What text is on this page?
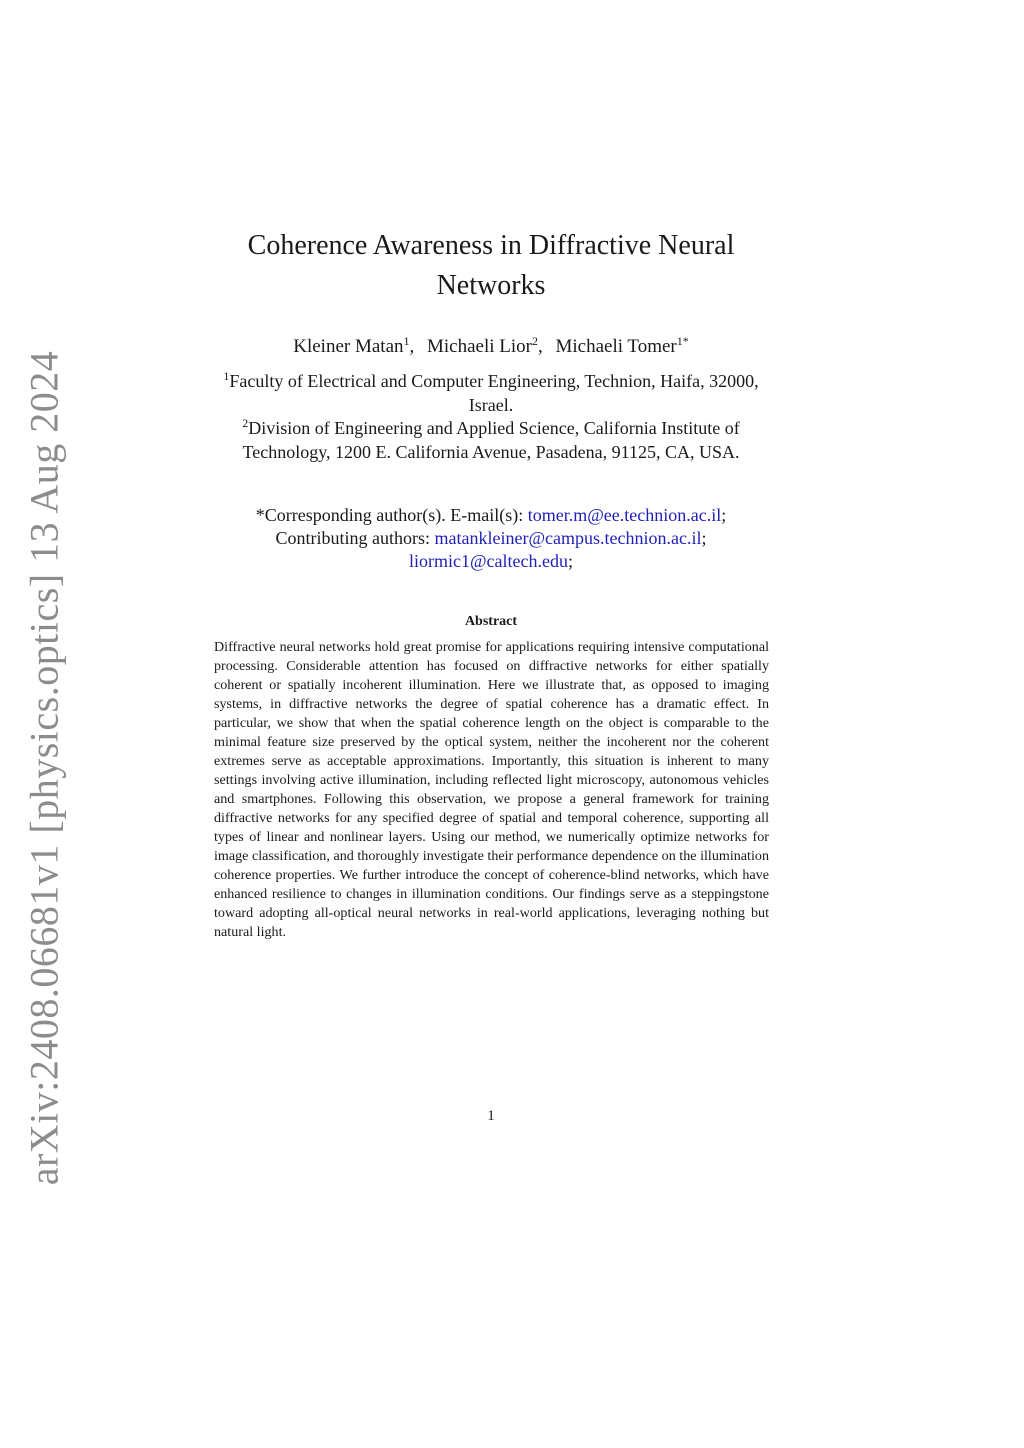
arXiv:2408.06681v1 [physics.optics] 13 Aug 2024
Coherence Awareness in Diffractive Neural Networks
Kleiner Matan$^1$, Michaeli Lior$^2$, Michaeli Tomer$^{1*}$

$^1$Faculty of Electrical and Computer Engineering, Technion, Haifa, 32000, Israel.

$^2$Division of Engineering and Applied Science, California Institute of Technology, 1200 E. California Avenue, Pasadena, 91125, CA, USA.

*Corresponding author(s). E-mail(s): tomer.m@ee.technion.ac.il;

Contributing authors: matankleiner@campus.technion.ac.il;

liormic1@caltech.edu;

Abstract

Diffractive neural networks hold great promise for applications requiring intensive computational processing. Considerable attention has focused on diffractive networks for either spatially coherent or spatially incoherent illumination. Here we illustrate that, as opposed to imaging systems, in diffractive networks the degree of spatial coherence has a dramatic effect. In particular, we show that when the spatial coherence length on the object is comparable to the minimal feature size preserved by the optical system, neither the incoherent nor the coherent extremes serve as acceptable approximations. Importantly, this situation is inherent to many settings involving active illumination, including reflected light microscopy, autonomous vehicles and smartphones. Following this observation, we propose a general framework for training diffractive networks for any specified degree of spatial and temporal coherence, supporting all types of linear and nonlinear layers. Using our method, we numerically optimize networks for image classification, and thoroughly investigate their performance dependence on the illumination coherence properties. We further introduce the concept of coherence-blind networks, which have enhanced resilience to changes in illumination conditions. Our findings serve as a steppingstone toward adopting all-optical neural networks in real-world applications, leveraging nothing but natural light.

1
